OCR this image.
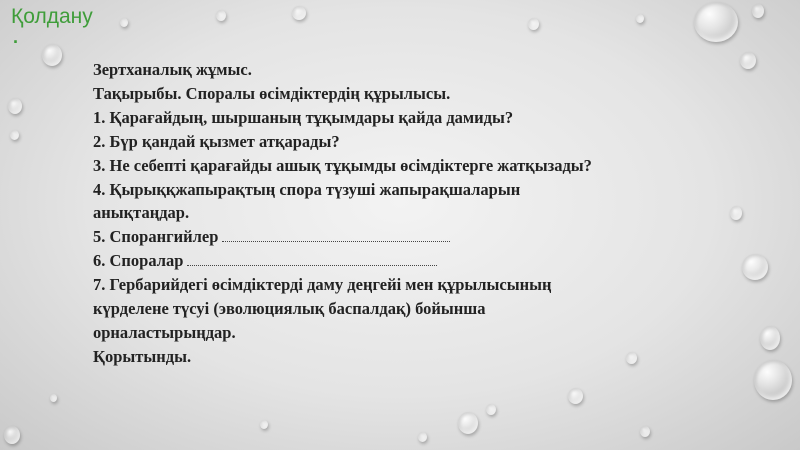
Қолдану
.
Зертханалық жұмыс.
Тақырыбы. Споралы өсімдіктердің құрылысы.
1. Қарағайдың, шыршаның тұқымдары қайда дамиды?
2. Бүр қандай қызмет атқарады?
3. Не себепті қарағайды ашық тұқымды өсімдіктерге жатқызады?
4. Қырыққжапырақтың спора түзуші жапырақшаларын
анықтаңдар.
5. Спорангийлер
6. Споралар
7. Гербарийдегі өсімдіктерді даму деңгейі мен құрылысының
күрделене түсуі (эволюциялық баспалдақ) бойынша
орналастырыңдар.
Қорытынды.
